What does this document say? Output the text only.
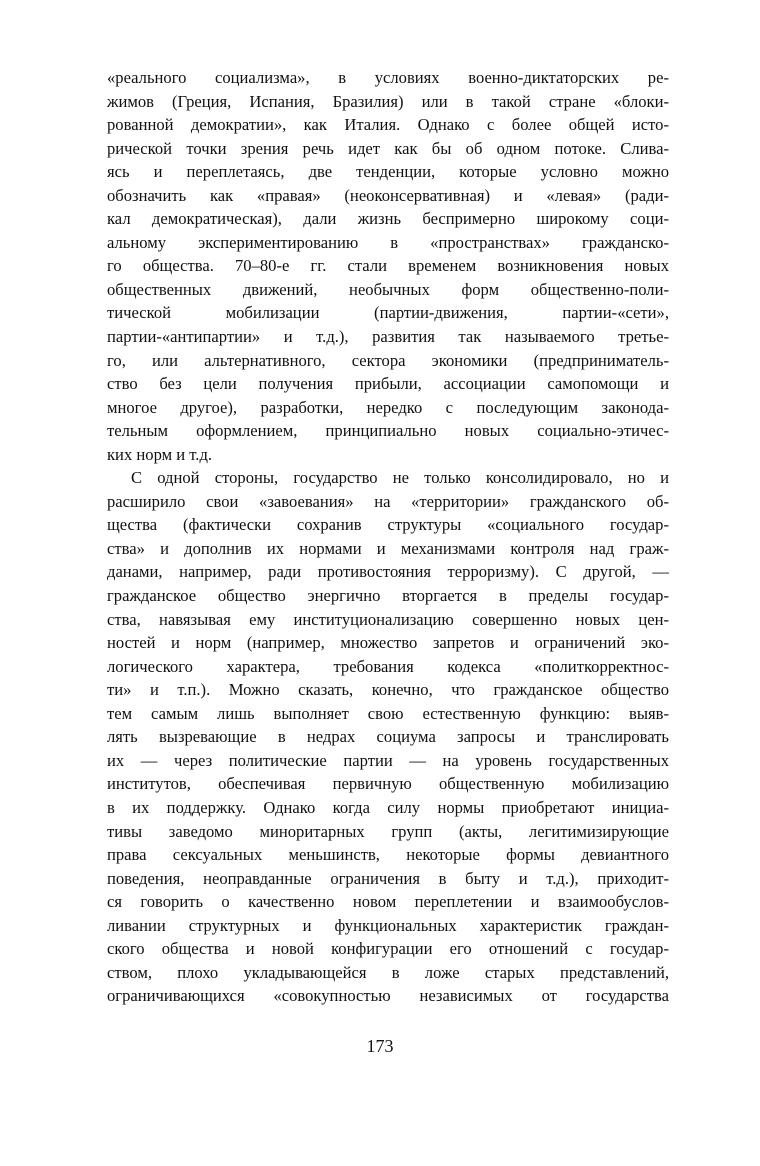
«реального социализма», в условиях военно-диктаторских ре-
жимов (Греция, Испания, Бразилия) или в такой стране «блоки-
рованной демократии», как Италия. Однако с более общей исто-
рической точки зрения речь идет как бы об одном потоке. Слива-
ясь и переплетаясь, две тенденции, которые условно можно
обозначить как «правая» (неоконсервативная) и «левая» (ради-
кал демократическая), дали жизнь беспримерно широкому соци-
альному экспериментированию в «пространствах» гражданско-
го общества. 70–80-е гг. стали временем возникновения новых
общественных движений, необычных форм общественно-поли-
тической мобилизации (партии-движения, партии-«сети»,
партии-«антипартии» и т.д.), развития так называемого третье-
го, или альтернативного, сектора экономики (предприниматель-
ство без цели получения прибыли, ассоциации самопомощи и
многое другое), разработки, нередко с последующим законода-
тельным оформлением, принципиально новых социально-этичес-
ких норм и т.д.
С одной стороны, государство не только консолидировало, но и
расширило свои «завоевания» на «территории» гражданского об-
щества (фактически сохранив структуры «социального государ-
ства» и дополнив их нормами и механизмами контроля над граж-
данами, например, ради противостояния терроризму). С другой, —
гражданское общество энергично вторгается в пределы государ-
ства, навязывая ему институционализацию совершенно новых цен-
ностей и норм (например, множество запретов и ограничений эко-
логического характера, требования кодекса «политкорректнос-
ти» и т.п.). Можно сказать, конечно, что гражданское общество
тем самым лишь выполняет свою естественную функцию: выяв-
лять вызревающие в недрах социума запросы и транслировать
их — через политические партии — на уровень государственных
институтов, обеспечивая первичную общественную мобилизацию
в их поддержку. Однако когда силу нормы приобретают инициа-
тивы заведомо миноритарных групп (акты, легитимизирующие
права сексуальных меньшинств, некоторые формы девиантного
поведения, неоправданные ограничения в быту и т.д.), приходит-
ся говорить о качественно новом переплетении и взаимообуслов-
ливании структурных и функциональных характеристик граждан-
ского общества и новой конфигурации его отношений с государ-
ством, плохо укладывающейся в ложе старых представлений,
ограничивающихся «совокупностью независимых от государства
173
